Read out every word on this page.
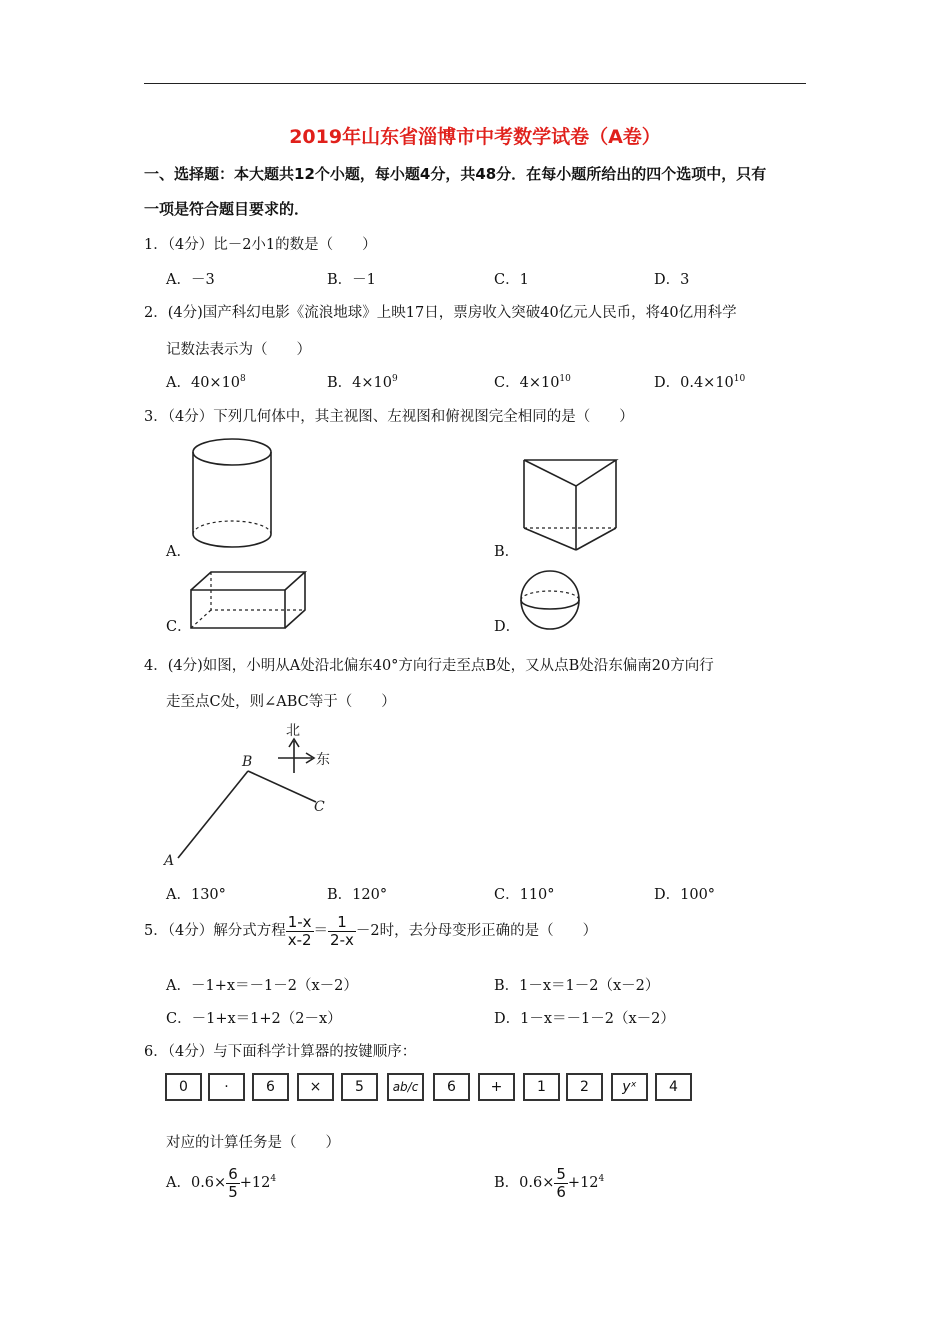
2019年山东省淄博市中考数学试卷（A卷）
一、选择题：本大题共12个小题，每小题4分，共48分．在每小题所给出的四个选项中，只有
一项是符合题目要求的．
1．（4分）比－2小1的数是（　　）
A．－3	B．－1	C．1	D．3
2．(4分)国产科幻电影《流浪地球》上映17日，票房收入突破40亿元人民币，将40亿用科学
记数法表示为（　　）
A．$40\times 10^8$	B．$4\times 10^9$	C．$4\times 10^{10}$	D．$0.4\times 10^{10}$
3．（4分）下列几何体中，其主视图、左视图和俯视图完全相同的是（　　）
A．	B．
C．	D．
4．(4分)如图，小明从A处沿北偏东40°方向行走至点B处，又从点B处沿东偏南20方向行
走至点C处，则∠ABC等于（　　）
北
东
A
B
C
A．130°	B．120°	C．110°	D．100°
5．（4分）解分式方程 $\frac{1-x}{x-2} = \frac{1}{2-x} -2$时，去分母变形正确的是（　　）
A．－1+x＝－1－2（x－2）	B．1－x＝1－2（x－2）
C．－1+x＝1+2（2－x）	D．1－x＝－1－2（x－2）
6．（4分）与下面科学计算器的按键顺序：
0	·	6	×	5	ab/c	6	+	1	2	yˣ	4
对应的计算任务是（　　）
A．$0.6\times \frac{6}{5} +12^4$	B．$0.6\times \frac{5}{6} +12^4$
